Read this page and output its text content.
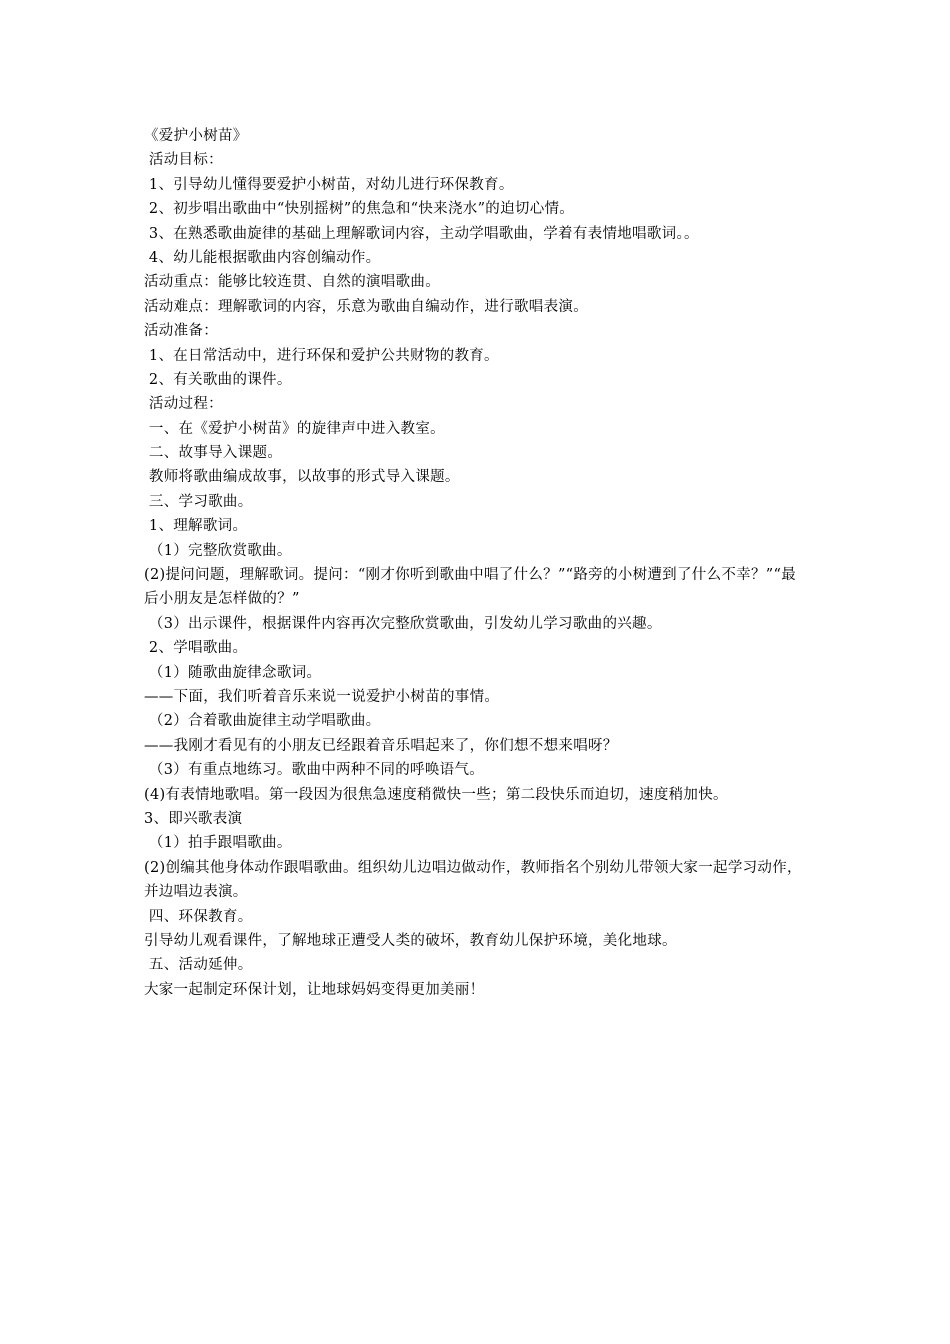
《爱护小树苗》
活动目标：
1、引导幼儿懂得要爱护小树苗，对幼儿进行环保教育。
2、初步唱出歌曲中“快别摇树”的焦急和“快来浇水”的迫切心情。
3、在熟悉歌曲旋律的基础上理解歌词内容，主动学唱歌曲，学着有表情地唱歌词。。
4、幼儿能根据歌曲内容创编动作。
活动重点：能够比较连贯、自然的演唱歌曲。
活动难点：理解歌词的内容，乐意为歌曲自编动作，进行歌唱表演。
活动准备：
1、在日常活动中，进行环保和爱护公共财物的教育。
2、有关歌曲的课件。
活动过程：
一、在《爱护小树苗》的旋律声中进入教室。
二、故事导入课题。
教师将歌曲编成故事，以故事的形式导入课题。
三、学习歌曲。
1、理解歌词。
（1）完整欣赏歌曲。
(2)提问问题，理解歌词。提问：“刚才你听到歌曲中唱了什么？”“路旁的小树遭到了什么不幸？”“最后小朋友是怎样做的？”
（3）出示课件，根据课件内容再次完整欣赏歌曲，引发幼儿学习歌曲的兴趣。
2、学唱歌曲。
（1）随歌曲旋律念歌词。
——下面，我们听着音乐来说一说爱护小树苗的事情。
（2）合着歌曲旋律主动学唱歌曲。
——我刚才看见有的小朋友已经跟着音乐唱起来了，你们想不想来唱呀？
（3）有重点地练习。歌曲中两种不同的呼唤语气。
(4)有表情地歌唱。第一段因为很焦急速度稍微快一些；第二段快乐而迫切，速度稍加快。
3、即兴歌表演
（1）拍手跟唱歌曲。
(2)创编其他身体动作跟唱歌曲。组织幼儿边唱边做动作，教师指名个别幼儿带领大家一起学习动作，并边唱边表演。
四、环保教育。
引导幼儿观看课件，了解地球正遭受人类的破坏，教育幼儿保护环境，美化地球。
五、活动延伸。
大家一起制定环保计划，让地球妈妈变得更加美丽！
